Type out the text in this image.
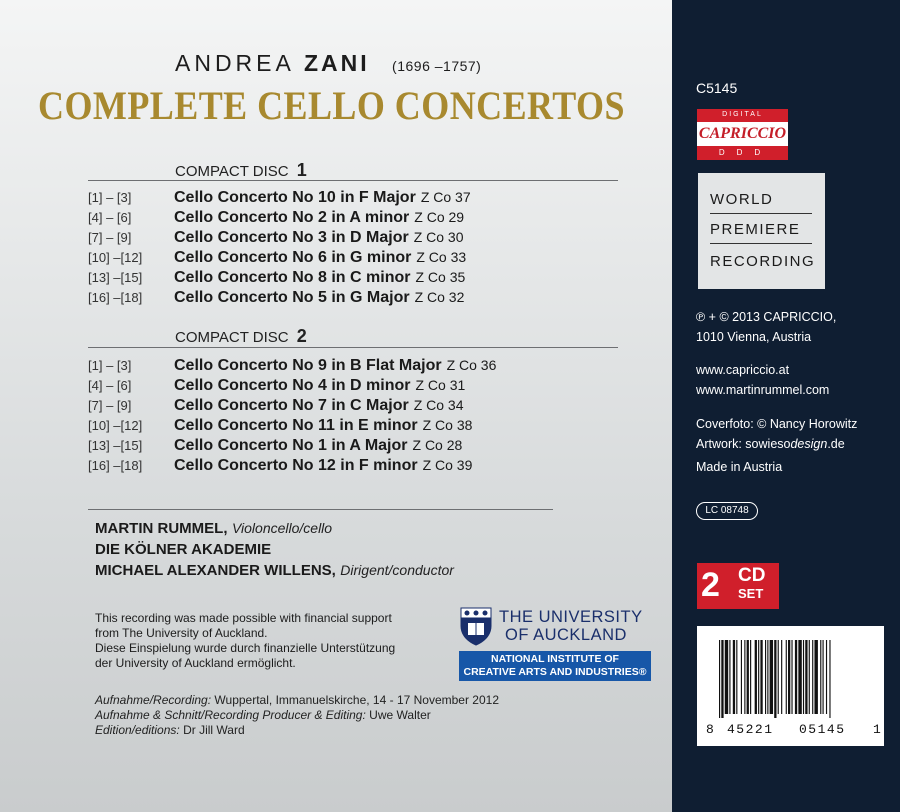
ANDREA ZANI (1696 –1757)
COMPLETE CELLO CONCERTOS
COMPACT DISC 1
[1] – [3]	Cello Concerto No 10 in F Major Z Co 37
[4] – [6]	Cello Concerto No 2 in A minor Z Co 29
[7] – [9]	Cello Concerto No 3 in D Major Z Co 30
[10] –[12] Cello Concerto No 6 in G minor Z Co 33
[13] –[15] Cello Concerto No 8 in C minor Z Co 35
[16] –[18] Cello Concerto No 5 in G Major Z Co 32
COMPACT DISC 2
[1] – [3]	Cello Concerto No 9 in B Flat Major Z Co 36
[4] – [6]	Cello Concerto No 4 in D minor Z Co 31
[7] – [9]	Cello Concerto No 7 in C Major Z Co 34
[10] –[12] Cello Concerto No 11 in E minor Z Co 38
[13] –[15] Cello Concerto No 1 in A Major Z Co 28
[16] –[18] Cello Concerto No 12 in F minor Z Co 39
MARTIN RUMMEL, Violoncello/cello
DIE KÖLNER AKADEMIE
MICHAEL ALEXANDER WILLENS, Dirigent/conductor
This recording was made possible with financial support
from The University of Auckland.
Diese Einspielung wurde durch finanzielle Unterstützung
der University of Auckland ermöglicht.
THE UNIVERSITY
OF AUCKLAND
NATIONAL INSTITUTE OF
CREATIVE ARTS AND INDUSTRIES®
Aufnahme/Recording: Wuppertal, Immanuelskirche, 14 - 17 November 2012
Aufnahme & Schnitt/Recording Producer & Editing: Uwe Walter
Edition/editions: Dr Jill Ward
C5145
DIGITAL
CAPRICCIO
DDD
WORLD
PREMIERE
RECORDING
℗ + © 2013 CAPRICCIO,
1010 Vienna, Austria
www.capriccio.at
www.martinrummel.com
Coverfoto: © Nancy Horowitz
Artwork: sowiesodesign.de
Made in Austria
LC 08748
2 CD
SET
8 45221 05145 1
